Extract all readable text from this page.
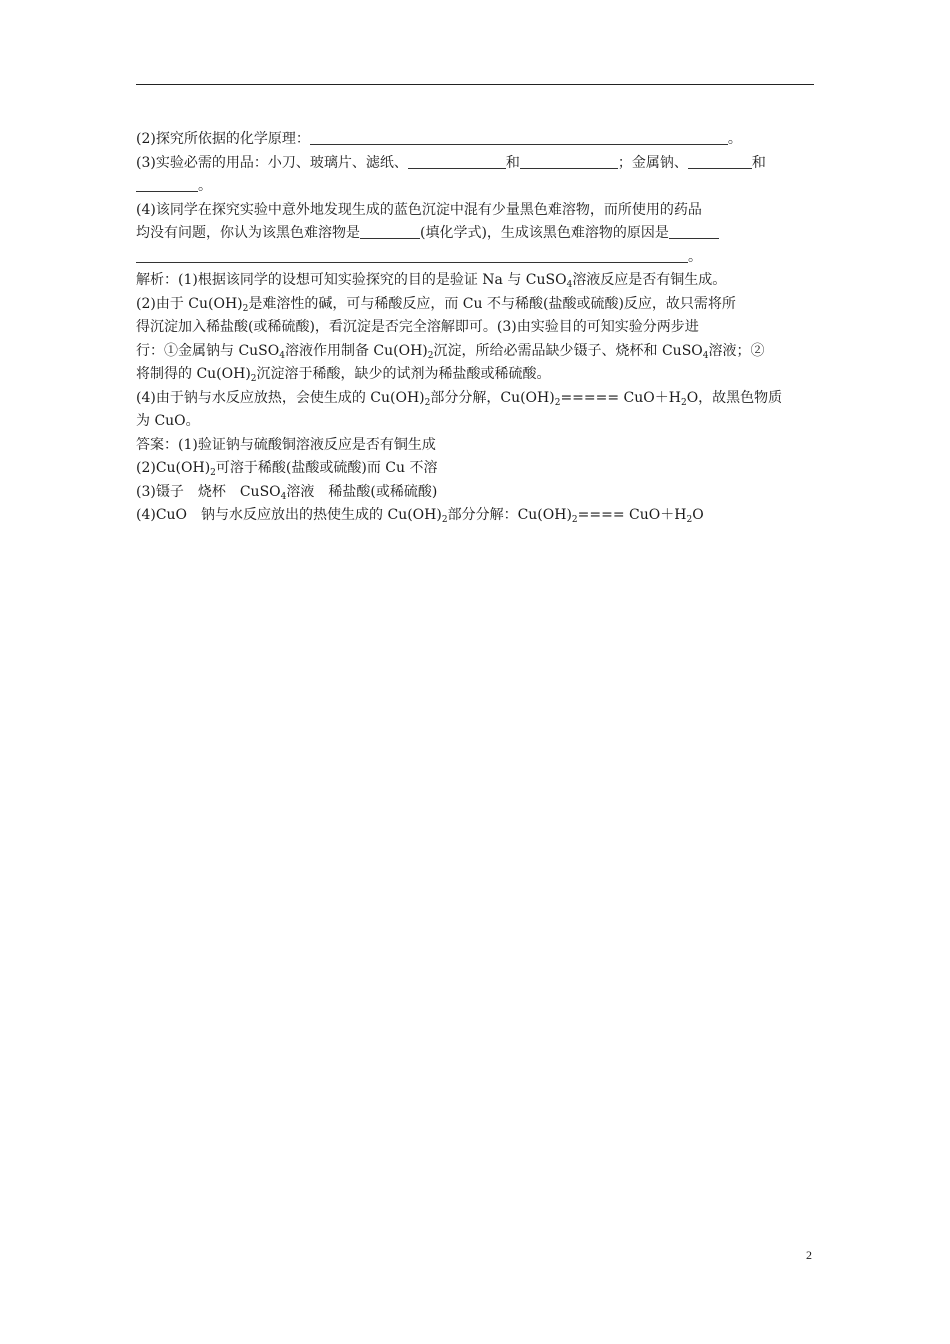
(2)探究所依据的化学原理：	。
(3)实验必需的用品：小刀、玻璃片、滤纸、	和	；金属钠、	和
。
(4)该同学在探究实验中意外地发现生成的蓝色沉淀中混有少量黑色难溶物，而所使用的药品
均没有问题，你认为该黑色难溶物是	(填化学式)，生成该黑色难溶物的原因是
。
解析：(1)根据该同学的设想可知实验探究的目的是验证 Na 与 CuSO$_4$溶液反应是否有铜生成。
(2)由于 $Cu(OH)_2$是难溶性的碱，可与稀酸反应，而 Cu 不与稀酸(盐酸或硫酸)反应，故只需将所
得沉淀加入稀盐酸(或稀硫酸)，看沉淀是否完全溶解即可。(3)由实验目的可知实验分两步进
行：①金属钠与 CuSO$_4$溶液作用制备 $Cu(OH)_2$沉淀，所给必需品缺少镊子、烧杯和 CuSO$_4$溶液；②
将制得的 $Cu(OH)_2$沉淀溶于稀酸，缺少的试剂为稀盐酸或稀硫酸。
(4)由于钠与水反应放热，会使生成的 $Cu(OH)_2$部分分解，$Cu(OH)_2===== CuO+H_2O$，故黑色物质
为 CuO。
答案：(1)验证钠与硫酸铜溶液反应是否有铜生成
$(2)Cu(OH)_2$可溶于稀酸(盐酸或硫酸)而 Cu 不溶
(3)镊子 烧杯 CuSO$_4$溶液 稀盐酸(或稀硫酸)
(4)CuO 钠与水反应放出的热使生成的 $Cu(OH)_2$部分分解：$Cu(OH)_2==== CuO+H_2O$
2
